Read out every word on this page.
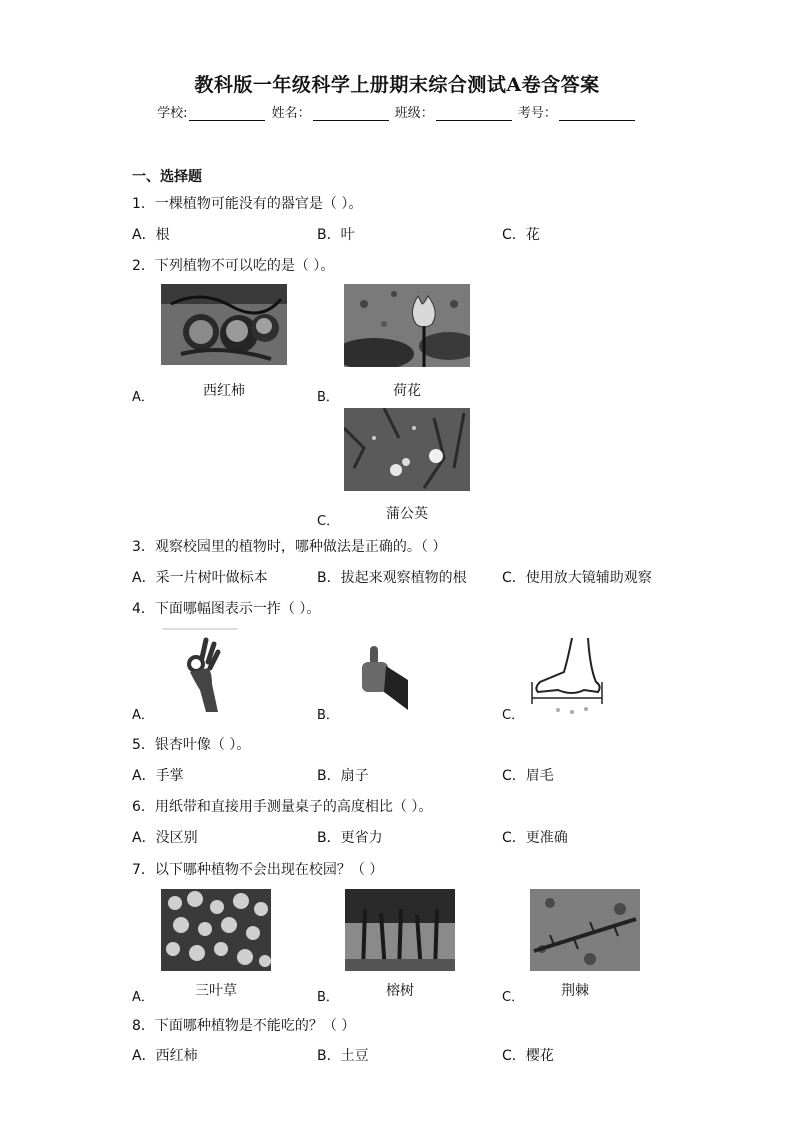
教科版一年级科学上册期末综合测试A卷含答案
学校:	姓名：	班级：	考号：
一、选择题
1．一棵植物可能没有的器官是（ ）。
A．根	B．叶	C．花
2．下列植物不可以吃的是（ ）。
A．	西红柿	B．	荷花
C．	蒲公英
3．观察校园里的植物时，哪种做法是正确的。（ ）
A．采一片树叶做标本	B．拔起来观察植物的根	C．使用放大镜辅助观察
4．下面哪幅图表示一拃（ ）。
A．	B．	C．
5．银杏叶像（ ）。
A．手掌	B．扇子	C．眉毛
6．用纸带和直接用手测量桌子的高度相比（ ）。
A．没区别	B．更省力	C．更准确
7．以下哪种植物不会出现在校园？（ ）
A．	三叶草	B．	榕树	C．	荆棘
8．下面哪种植物是不能吃的？（ ）
A．西红柿	B．土豆	C．樱花
